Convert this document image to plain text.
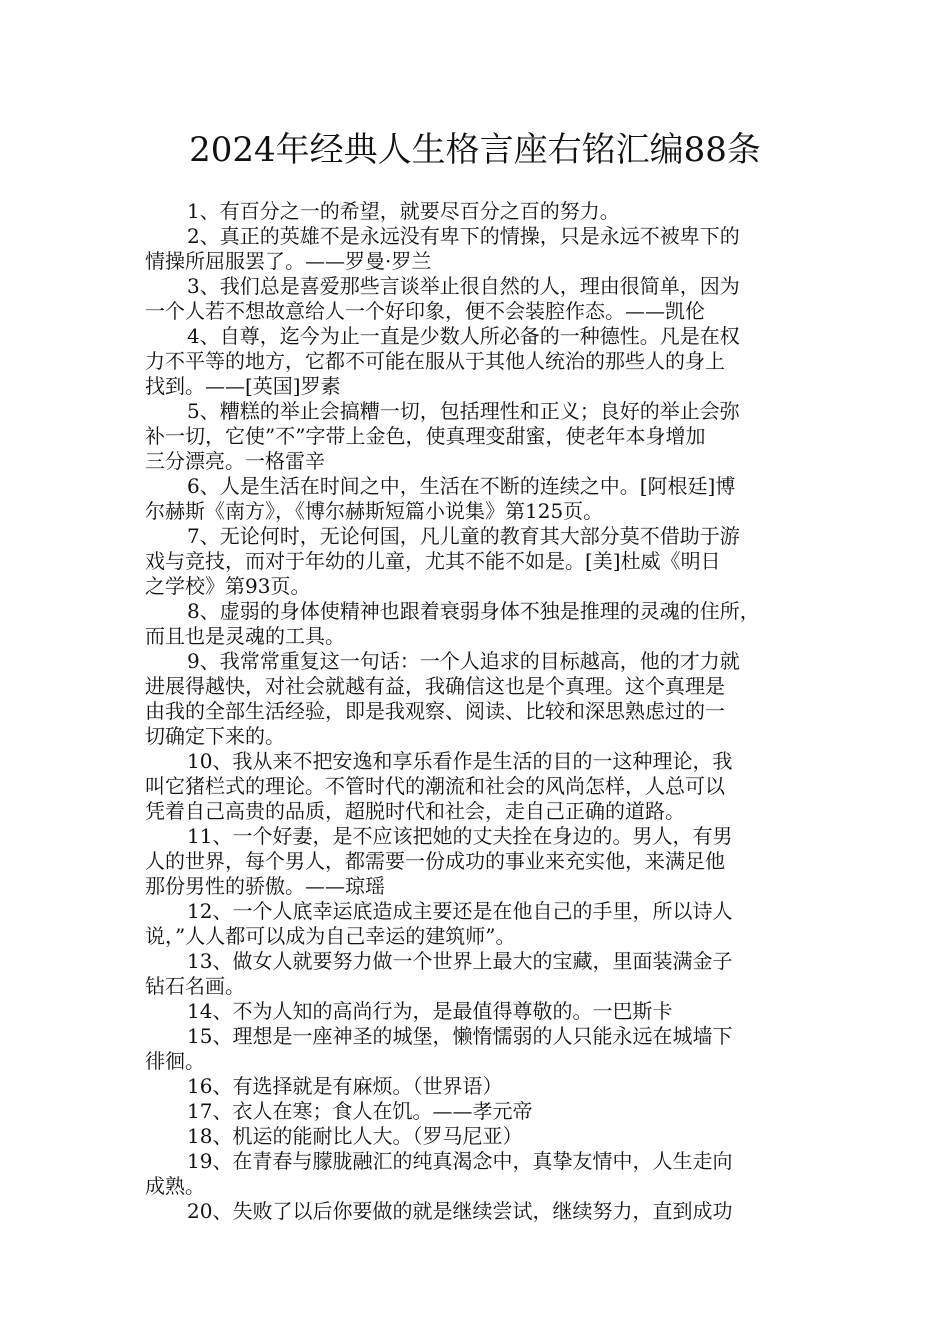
2024年经典人生格言座右铭汇编88条

1、有百分之一的希望，就要尽百分之百的努力。

2、真正的英雄不是永远没有卑下的情操，只是永远不被卑下的
情操所屈服罢了。——罗曼·罗兰

3、我们总是喜爱那些言谈举止很自然的人，理由很简单，因为
一个人若不想故意给人一个好印象，便不会装腔作态。——凯伦

4、自尊，迄今为止一直是少数人所必备的一种德性。凡是在权
力不平等的地方，它都不可能在服从于其他人统治的那些人的身上
找到。——[英国]罗素

5、糟糕的举止会搞糟一切，包括理性和正义；良好的举止会弥
补一切，它使”不”字带上金色，使真理变甜蜜，使老年本身增加
三分漂亮。一格雷辛

6、人是生活在时间之中，生活在不断的连续之中。[阿根廷]博
尔赫斯《南方》，《博尔赫斯短篇小说集》第125页。

7、无论何时，无论何国，凡儿童的教育其大部分莫不借助于游
戏与竞技，而对于年幼的儿童，尤其不能不如是。[美]杜威《明日
之学校》第93页。

8、虚弱的身体使精神也跟着衰弱身体不独是推理的灵魂的住所，
而且也是灵魂的工具。

9、我常常重复这一句话：一个人追求的目标越高，他的才力就
进展得越快，对社会就越有益，我确信这也是个真理。这个真理是
由我的全部生活经验，即是我观察、阅读、比较和深思熟虑过的一
切确定下来的。

10、我从来不把安逸和享乐看作是生活的目的一这种理论，我
叫它猪栏式的理论。不管时代的潮流和社会的风尚怎样，人总可以
凭着自己高贵的品质，超脱时代和社会，走自己正确的道路。

11、一个好妻，是不应该把她的丈夫拴在身边的。男人，有男
人的世界，每个男人，都需要一份成功的事业来充实他，来满足他
那份男性的骄傲。——琼瑶

12、一个人底幸运底造成主要还是在他自己的手里，所以诗人
说，”人人都可以成为自己幸运的建筑师”。

13、做女人就要努力做一个世界上最大的宝藏，里面装满金子
钻石名画。

14、不为人知的高尚行为，是最值得尊敬的。一巴斯卡

15、理想是一座神圣的城堡，懒惰懦弱的人只能永远在城墙下
徘徊。

16、有选择就是有麻烦。（世界语）

17、衣人在寒；食人在饥。——孝元帝

18、机运的能耐比人大。（罗马尼亚）

19、在青春与朦胧融汇的纯真渴念中，真挚友情中，人生走向
成熟。

20、失败了以后你要做的就是继续尝试，继续努力，直到成功
